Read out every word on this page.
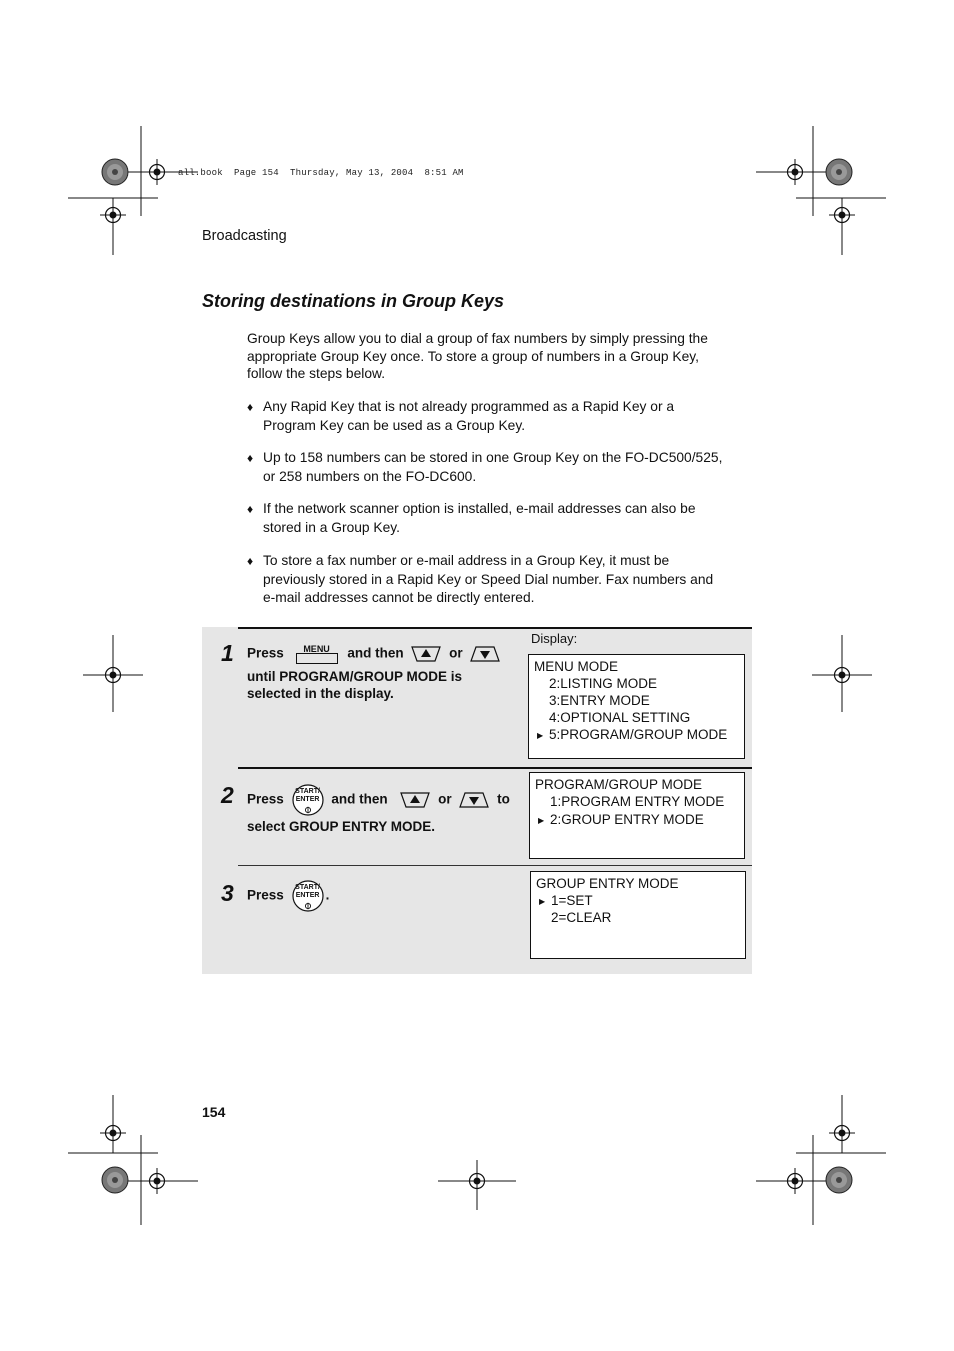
all.book  Page 154  Thursday, May 13, 2004  8:51 AM
Broadcasting
Storing destinations in Group Keys
Group Keys allow you to dial a group of fax numbers by simply pressing the
appropriate Group Key once. To store a group of numbers in a Group Key,
follow the steps below.
♦ Any Rapid Key that is not already programmed as a Rapid Key or a
Program Key can be used as a Group Key.
♦ Up to 158 numbers can be stored in one Group Key on the FO-DC500/525,
or 258 numbers on the FO-DC600.
♦ If the network scanner option is installed, e-mail addresses can also be
stored in a Group Key.
♦ To store a fax number or e-mail address in a Group Key, it must be
previously stored in a Rapid Key or Speed Dial number. Fax numbers and
e-mail addresses cannot be directly entered.
Display:
1 Press	MENU	and then	or
until PROGRAM/GROUP MODE is
selected in the display.
MENU MODE
2:LISTING MODE
3:ENTRY MODE
4:OPTIONAL SETTING
▶ 5:PROGRAM/GROUP MODE
2 Press
START/
ENTER and then	or	to
select GROUP ENTRY MODE.
PROGRAM/GROUP MODE
1:PROGRAM ENTRY MODE
▶ 2:GROUP ENTRY MODE
3 Press
START/
ENTER .
GROUP ENTRY MODE
▶ 1=SET
2=CLEAR
154
